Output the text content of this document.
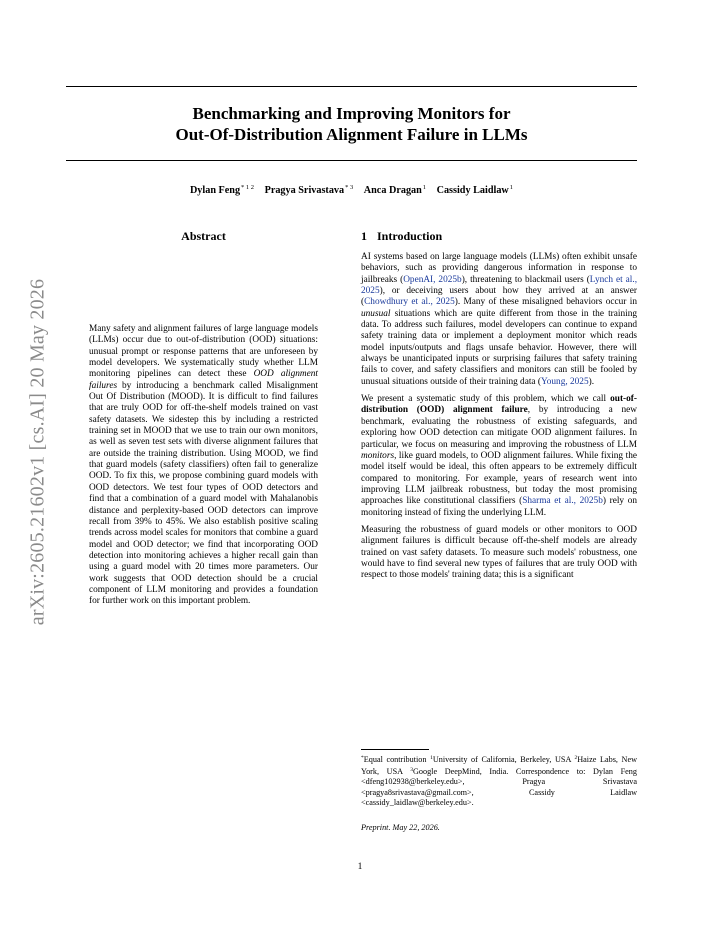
arXiv:2605.21602v1 [cs.AI] 20 May 2026
Benchmarking and Improving Monitors for
Out-Of-Distribution Alignment Failure in LLMs
Dylan Feng$^{* 1 2}$ Pragya Srivastava$^{* 3}$ Anca Dragan$^1$ Cassidy Laidlaw$^1$
Abstract

Many safety and alignment failures of large language models (LLMs) occur due to out-of-distribution (OOD) situations: unusual prompt or response patterns that are unforeseen by model developers. We systematically study whether LLM monitoring pipelines can detect these OOD alignment failures by introducing a benchmark called Misalignment Out Of Distribution (MOOD). It is difficult to find failures that are truly OOD for off-the-shelf models trained on vast safety datasets. We sidestep this by including a restricted training set in MOOD that we use to train our own monitors, as well as seven test sets with diverse alignment failures that are outside the training distribution. Using MOOD, we find that guard models (safety classifiers) often fail to generalize OOD. To fix this, we propose combining guard models with OOD detectors. We test four types of OOD detectors and find that a combination of a guard model with Mahalanobis distance and perplexity-based OOD detectors can improve recall from 39% to 45%. We also establish positive scaling trends across model scales for monitors that combine a guard model and OOD detector; we find that incorporating OOD detection into monitoring achieves a higher recall gain than using a guard model with 20 times more parameters. Our work suggests that OOD detection should be a crucial component of LLM monitoring and provides a foundation for further work on this important problem.

1 Introduction

AI systems based on large language models (LLMs) often exhibit unsafe behaviors, such as providing dangerous information in response to jailbreaks (OpenAI, 2025b), threatening to blackmail users (Lynch et al., 2025), or deceiving users about how they arrived at an answer (Chowdhury et al., 2025). Many of these misaligned behaviors occur in unusual situations which are quite different from those in the training data. To address such failures, model developers can continue to expand safety training data or implement a deployment monitor which reads model inputs/outputs and flags unsafe behavior. However, there will always be unanticipated inputs or surprising failures that safety training fails to cover, and safety classifiers and monitors can still be fooled by unusual situations outside of their training data (Young, 2025).

We present a systematic study of this problem, which we call out-of-distribution (OOD) alignment failure, by introducing a new benchmark, evaluating the robustness of existing safeguards, and exploring how OOD detection can mitigate OOD alignment failures. In particular, we focus on measuring and improving the robustness of LLM monitors, like guard models, to OOD alignment failures. While fixing the model itself would be ideal, this often appears to be extremely difficult compared to monitoring. For example, years of research went into improving LLM jailbreak robustness, but today the most promising approaches like constitutional classifiers (Sharma et al., 2025b) rely on monitoring instead of fixing the underlying LLM.

Measuring the robustness of guard models or other monitors to OOD alignment failures is difficult because off-the-shelf models are already trained on vast safety datasets. To measure such models' robustness, one would have to find several new types of failures that are truly OOD with respect to those models' training data; this is a significant

*Equal contribution $^1$University of California, Berkeley, USA $^2$Haize Labs, New York, USA $^3$Google DeepMind, India. Correspondence to: Dylan Feng <dfeng102938@berkeley.edu>, Pragya Srivastava <pragya8srivastava@gmail.com>, Cassidy Laidlaw <cassidy_laidlaw@berkeley.edu>.
Preprint. May 22, 2026.
1
